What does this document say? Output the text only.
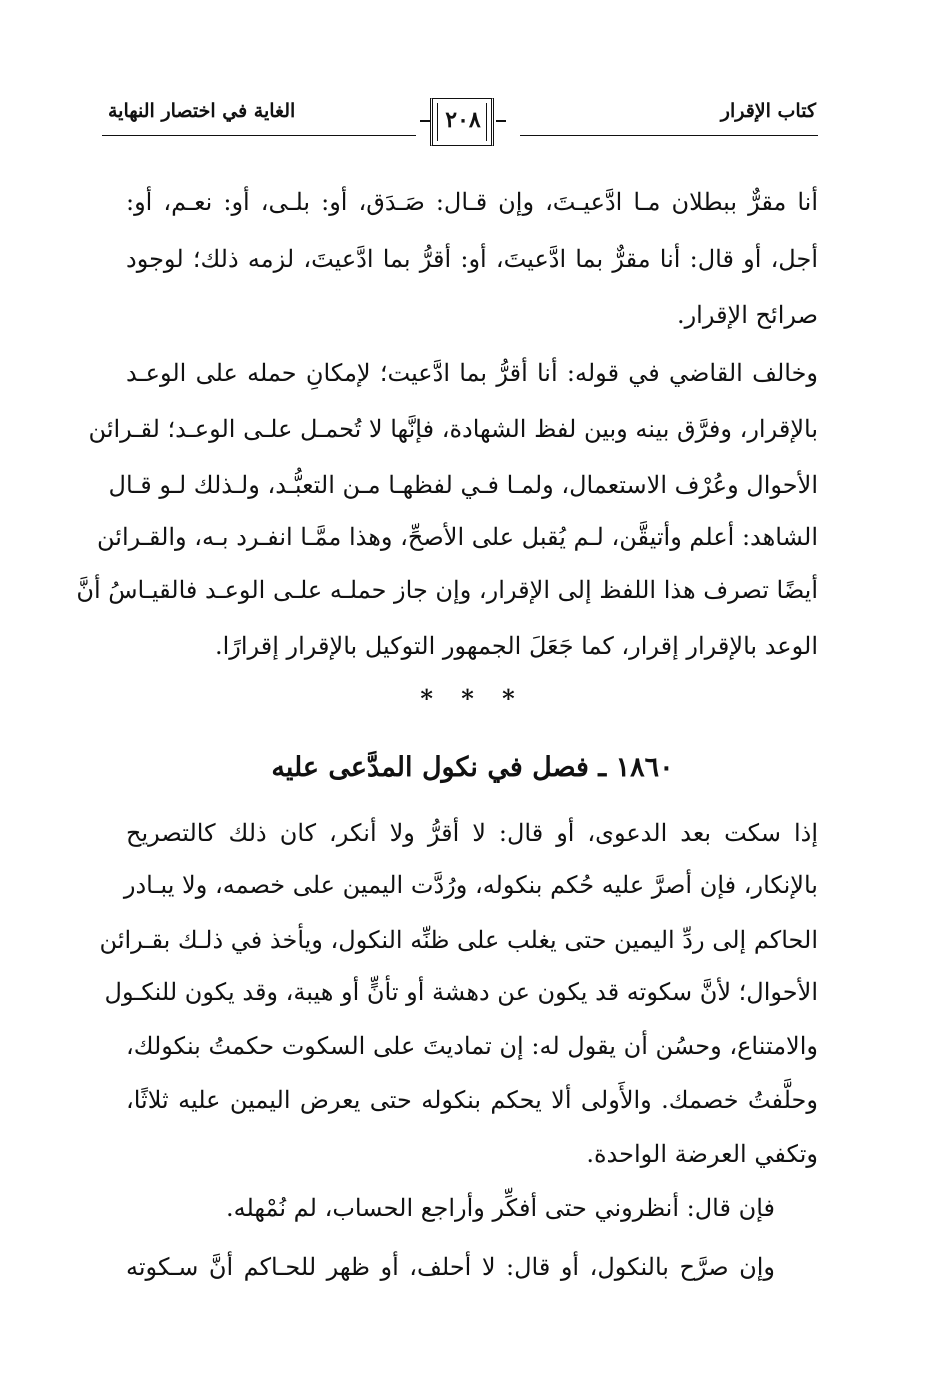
كتاب الإقرار
الغاية في اختصار النهاية	٢٠٨
أنا مقرٌّ ببطلان مـا ادَّعيـتَ، وإن قـال: صَـدَق، أو: بلـى، أو: نعـم، أو:
أجل، أو قال: أنا مقرٌّ بما ادَّعيتَ، أو: أقرُّ بما ادَّعيتَ، لزمه ذلك؛ لوجود
صرائح الإقرار.
وخالف القاضي في قوله: أنا أقرُّ بما ادَّعيت؛ لإمكانِ حمله على الوعـد
بالإقرار، وفرَّق بينه وبين لفظ الشهادة، فإنَّها لا تُحمـل علـى الوعـد؛ لقـرائن
الأحوال وعُرْف الاستعمال، ولمـا فـي لفظهـا مـن التعبُّـد، ولـذلك لـو قـال
الشاهد: أعلم وأتيقَّن، لـم يُقبل على الأصحِّ، وهذا ممَّـا انفـرد بـه، والقـرائن
أيضًا تصرف هذا اللفظ إلى الإقرار، وإن جاز حملـه علـى الوعـد فالقيـاسُ أنَّ
الوعد بالإقرار إقرار، كما جَعَلَ الجمهور التوكيل بالإقرار إقرارًا.
* * *
١٨٦٠ ـ فصل في نكول المدَّعى عليه
إذا سكت بعد الدعوى، أو قال: لا أقرُّ ولا أنكر، كان ذلك كالتصريح
بالإنكار، فإن أصرَّ عليه حُكم بنكوله، ورُدَّت اليمين على خصمه، ولا يبـادر
الحاكم إلى ردِّ اليمين حتى يغلب على ظنِّه النكول، ويأخذ في ذلـك بقـرائن
الأحوال؛ لأنَّ سكوته قد يكون عن دهشة أو تأنٍّ أو هيبة، وقد يكون للنكـول
والامتناع، وحسُن أن يقول له: إن تماديتَ على السكوت حكمتُ بنكولك،
وحلَّفتُ خصمك. والأَولى ألا يحكم بنكوله حتى يعرض اليمين عليه ثلاثًا،
وتكفي العرضة الواحدة.
فإن قال: أنظروني حتى أفكِّر وأراجع الحساب، لم نُمْهله.
وإن صرَّح بالنكول، أو قال: لا أحلف، أو ظهر للحـاكم أنَّ سـكوته
